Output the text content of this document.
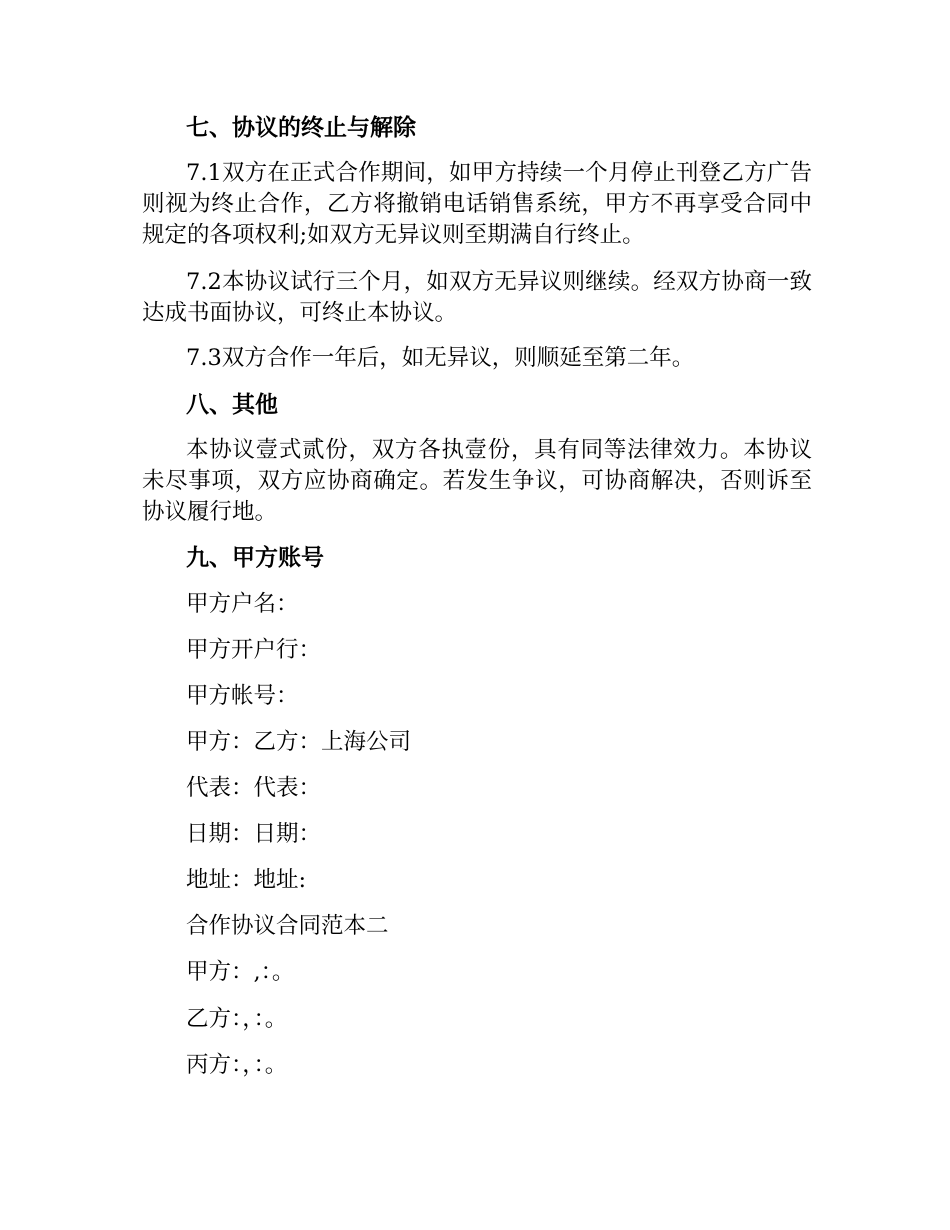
七、协议的终止与解除
7.1双方在正式合作期间，如甲方持续一个月停止刊登乙方广告则视为终止合作，乙方将撤销电话销售系统，甲方不再享受合同中规定的各项权利;如双方无异议则至期满自行终止。
7.2本协议试行三个月，如双方无异议则继续。经双方协商一致达成书面协议，可终止本协议。
7.3双方合作一年后，如无异议，则顺延至第二年。
八、其他
本协议壹式贰份，双方各执壹份，具有同等法律效力。本协议未尽事项，双方应协商确定。若发生争议，可协商解决，否则诉至协议履行地。
九、甲方账号
甲方户名：
甲方开户行：
甲方帐号：
甲方：乙方：上海公司
代表：代表：
日期：日期：
地址：地址:
合作协议合同范本二
甲方：,：。
乙方：，：。
丙方：，：。
